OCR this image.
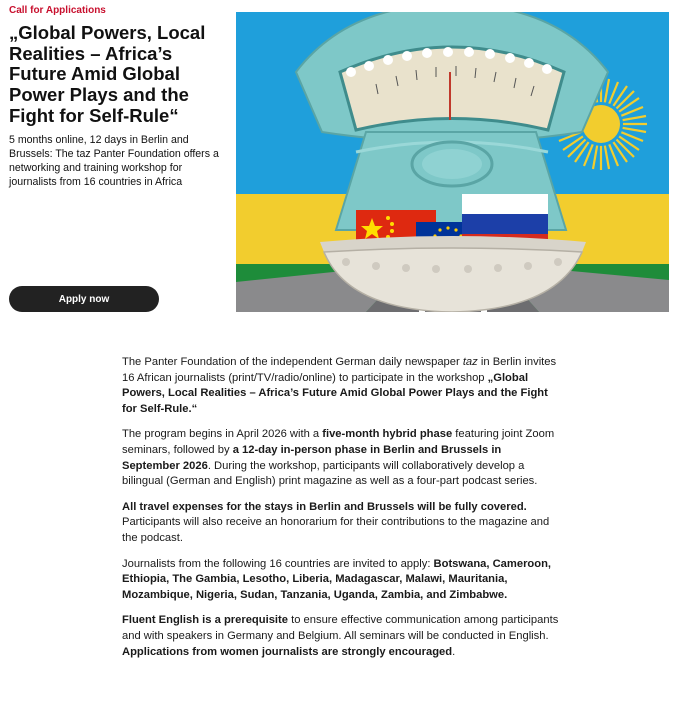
Call for Applications
„Global Powers, Local Realities – Africa’s Future Amid Global Power Plays and the Fight for Self-Rule“

5 months online, 12 days in Berlin and Brussels: The taz Panter Foundation offers a networking and training workshop for journalists from 16 countries in Africa

Apply now

The Panter Foundation of the independent German daily newspaper taz in Berlin invites 16 African journalists (print/TV/radio/online) to participate in the workshop „Global Powers, Local Realities – Africa’s Future Amid Global Power Plays and the Fight for Self-Rule.“

The program begins in April 2026 with a five-month hybrid phase featuring joint Zoom seminars, followed by a 12-day in-person phase in Berlin and Brussels in September 2026. During the workshop, participants will collaboratively develop a bilingual (German and English) print magazine as well as a four-part podcast series.

All travel expenses for the stays in Berlin and Brussels will be fully covered. Participants will also receive an honorarium for their contributions to the magazine and the podcast.

Journalists from the following 16 countries are invited to apply: Botswana, Cameroon, Ethiopia, The Gambia, Lesotho, Liberia, Madagascar, Malawi, Mauritania, Mozambique, Nigeria, Sudan, Tanzania, Uganda, Zambia, and Zimbabwe.

Fluent English is a prerequisite to ensure effective communication among participants and with speakers in Germany and Belgium. All seminars will be conducted in English. Applications from women journalists are strongly encouraged.
